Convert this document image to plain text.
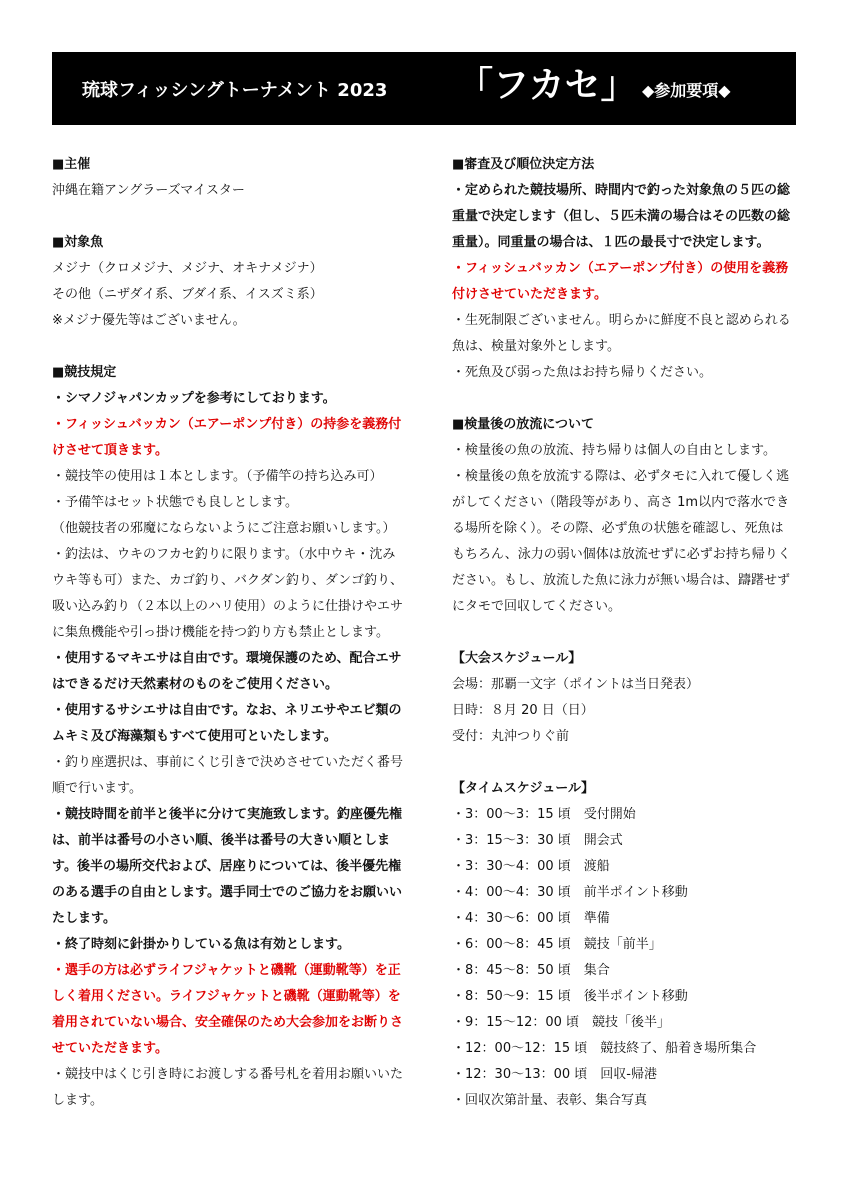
琉球フィッシングトーナメント 2023 「フカセ」 ◆参加要項◆
■主催
沖縄在籍アングラーズマイスター
■対象魚
メジナ（クロメジナ、メジナ、オキナメジナ）
その他（ニザダイ系、ブダイ系、イスズミ系）
※メジナ優先等はございません。
■競技規定
・シマノジャパンカップを参考にしております。
・フィッシュバッカン（エアーポンプ付き）の持参を義務付けさせて頂きます。
・競技竿の使用は１本とします。（予備竿の持ち込み可）
・予備竿はセット状態でも良しとします。
（他競技者の邪魔にならないようにご注意お願いします。）
・釣法は、ウキのフカセ釣りに限ります。（水中ウキ・沈みウキ等も可）また、カゴ釣り、バクダン釣り、ダンゴ釣り、吸い込み釣り（２本以上のハリ使用）のように仕掛けやエサに集魚機能や引っ掛け機能を持つ釣り方も禁止とします。
・使用するマキエサは自由です。環境保護のため、配合エサはできるだけ天然素材のものをご使用ください。
・使用するサシエサは自由です。なお、ネリエサやエビ類のムキミ及び海藻類もすべて使用可といたします。
・釣り座選択は、事前にくじ引きで決めさせていただく番号順で行います。
・競技時間を前半と後半に分けて実施致します。釣座優先権は、前半は番号の小さい順、後半は番号の大きい順とします。後半の場所交代および、居座りについては、後半優先権のある選手の自由とします。選手同士でのご協力をお願いいたします。
・終了時刻に針掛かりしている魚は有効とします。
・選手の方は必ずライフジャケットと磯靴（運動靴等）を正しく着用ください。ライフジャケットと磯靴（運動靴等）を着用されていない場合、安全確保のため大会参加をお断りさせていただきます。
・競技中はくじ引き時にお渡しする番号札を着用お願いいたします。
■審査及び順位決定方法
・定められた競技場所、時間内で釣った対象魚の５匹の総重量で決定します（但し、５匹未満の場合はその匹数の総重量）。同重量の場合は、１匹の最長寸で決定します。
・フィッシュバッカン（エアーポンプ付き）の使用を義務付けさせていただきます。
・生死制限ございません。明らかに鮮度不良と認められる魚は、検量対象外とします。
・死魚及び弱った魚はお持ち帰りください。
■検量後の放流について
・検量後の魚の放流、持ち帰りは個人の自由とします。
・検量後の魚を放流する際は、必ずタモに入れて優しく逃がしてください（階段等があり、高さ 1m以内で落水できる場所を除く）。その際、必ず魚の状態を確認し、死魚はもちろん、泳力の弱い個体は放流せずに必ずお持ち帰りください。もし、放流した魚に泳力が無い場合は、躊躇せずにタモで回収してください。
【大会スケジュール】
会場：那覇一文字（ポイントは当日発表）
日時：８月 20 日（日）
受付：丸沖つりぐ前
【タイムスケジュール】
・3：00～3：15 頃　受付開始
・3：15～3：30 頃　開会式
・3：30～4：00 頃　渡船
・4：00～4：30 頃　前半ポイント移動
・4：30～6：00 頃　準備
・6：00～8：45 頃　競技「前半」
・8：45～8：50 頃　集合
・8：50～9：15 頃　後半ポイント移動
・9：15～12：00 頃　競技「後半」
・12：00～12：15 頃　競技終了、船着き場所集合
・12：30～13：00 頃　回収-帰港
・回収次第計量、表彰、集合写真
